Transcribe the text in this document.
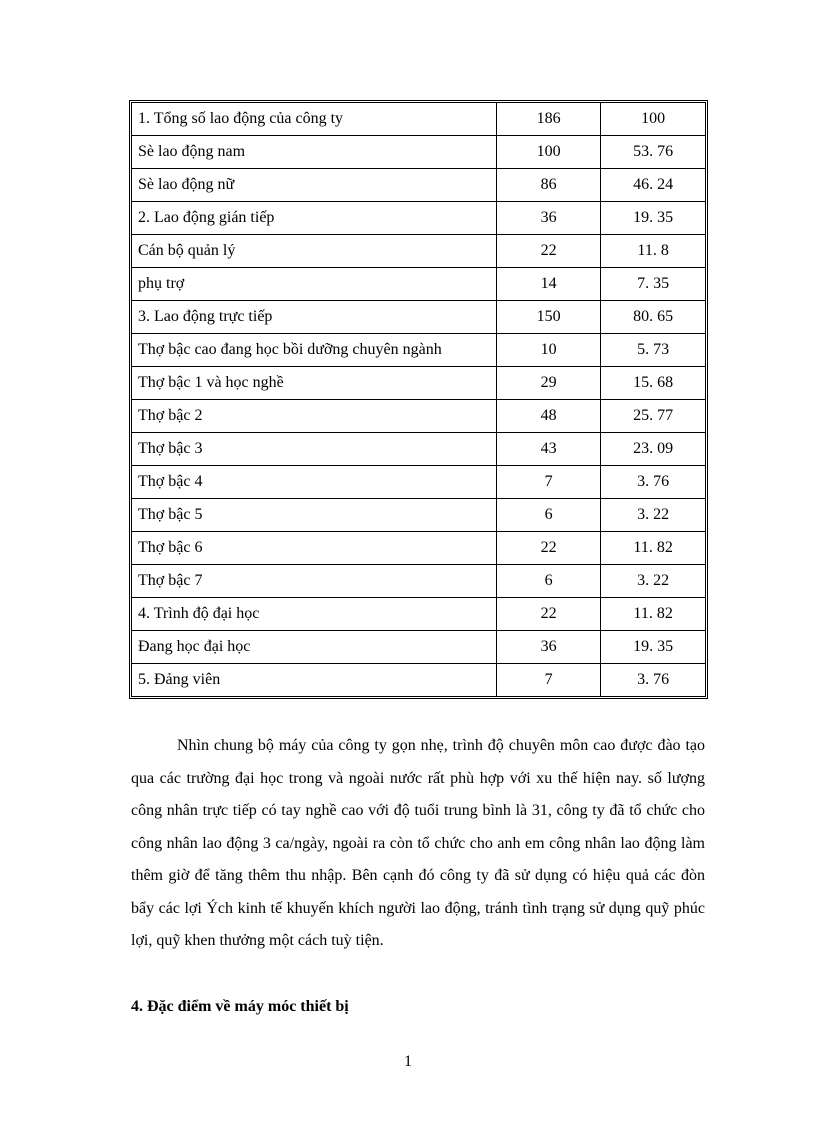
1. Tổng số lao động của công ty	186	100
Sè lao động nam	100	53. 76
Sè lao động nữ	86	46. 24
2. Lao động gián tiếp	36	19. 35
Cán bộ quản lý	22	11. 8
phụ trợ	14	7. 35
3. Lao động trực tiếp	150	80. 65
Thợ bậc cao đang học bồi dưỡng chuyên ngành	10	5. 73
Thợ bậc 1 và học nghề	29	15. 68
Thợ bậc 2	48	25. 77
Thợ bậc 3	43	23. 09
Thợ bậc 4	7	3. 76
Thợ bậc 5	6	3. 22
Thợ bậc 6	22	11. 82
Thợ bậc 7	6	3. 22
4. Trình độ đại học	22	11. 82
Đang học đại học	36	19. 35
5. Đảng viên	7	3. 76

Nhìn chung bộ máy của công ty gọn nhẹ, trình độ chuyên môn cao được đào tạo qua các trường đại học trong và ngoài nước rất phù hợp với xu thế hiện nay. số lượng công nhân trực tiếp có tay nghề cao với độ tuổi trung bình là 31, công ty đã tổ chức cho công nhân lao động 3 ca/ngày, ngoài ra còn tổ chức cho anh em công nhân lao động làm thêm giờ để tăng thêm thu nhập. Bên cạnh đó công ty đã sử dụng có hiệu quả các đòn bẩy các lợi Ých kinh tế khuyến khích người lao động, tránh tình trạng sử dụng quỹ phúc lợi, quỹ khen thưởng một cách tuỳ tiện.

4. Đặc điểm về máy móc thiết bị

1
